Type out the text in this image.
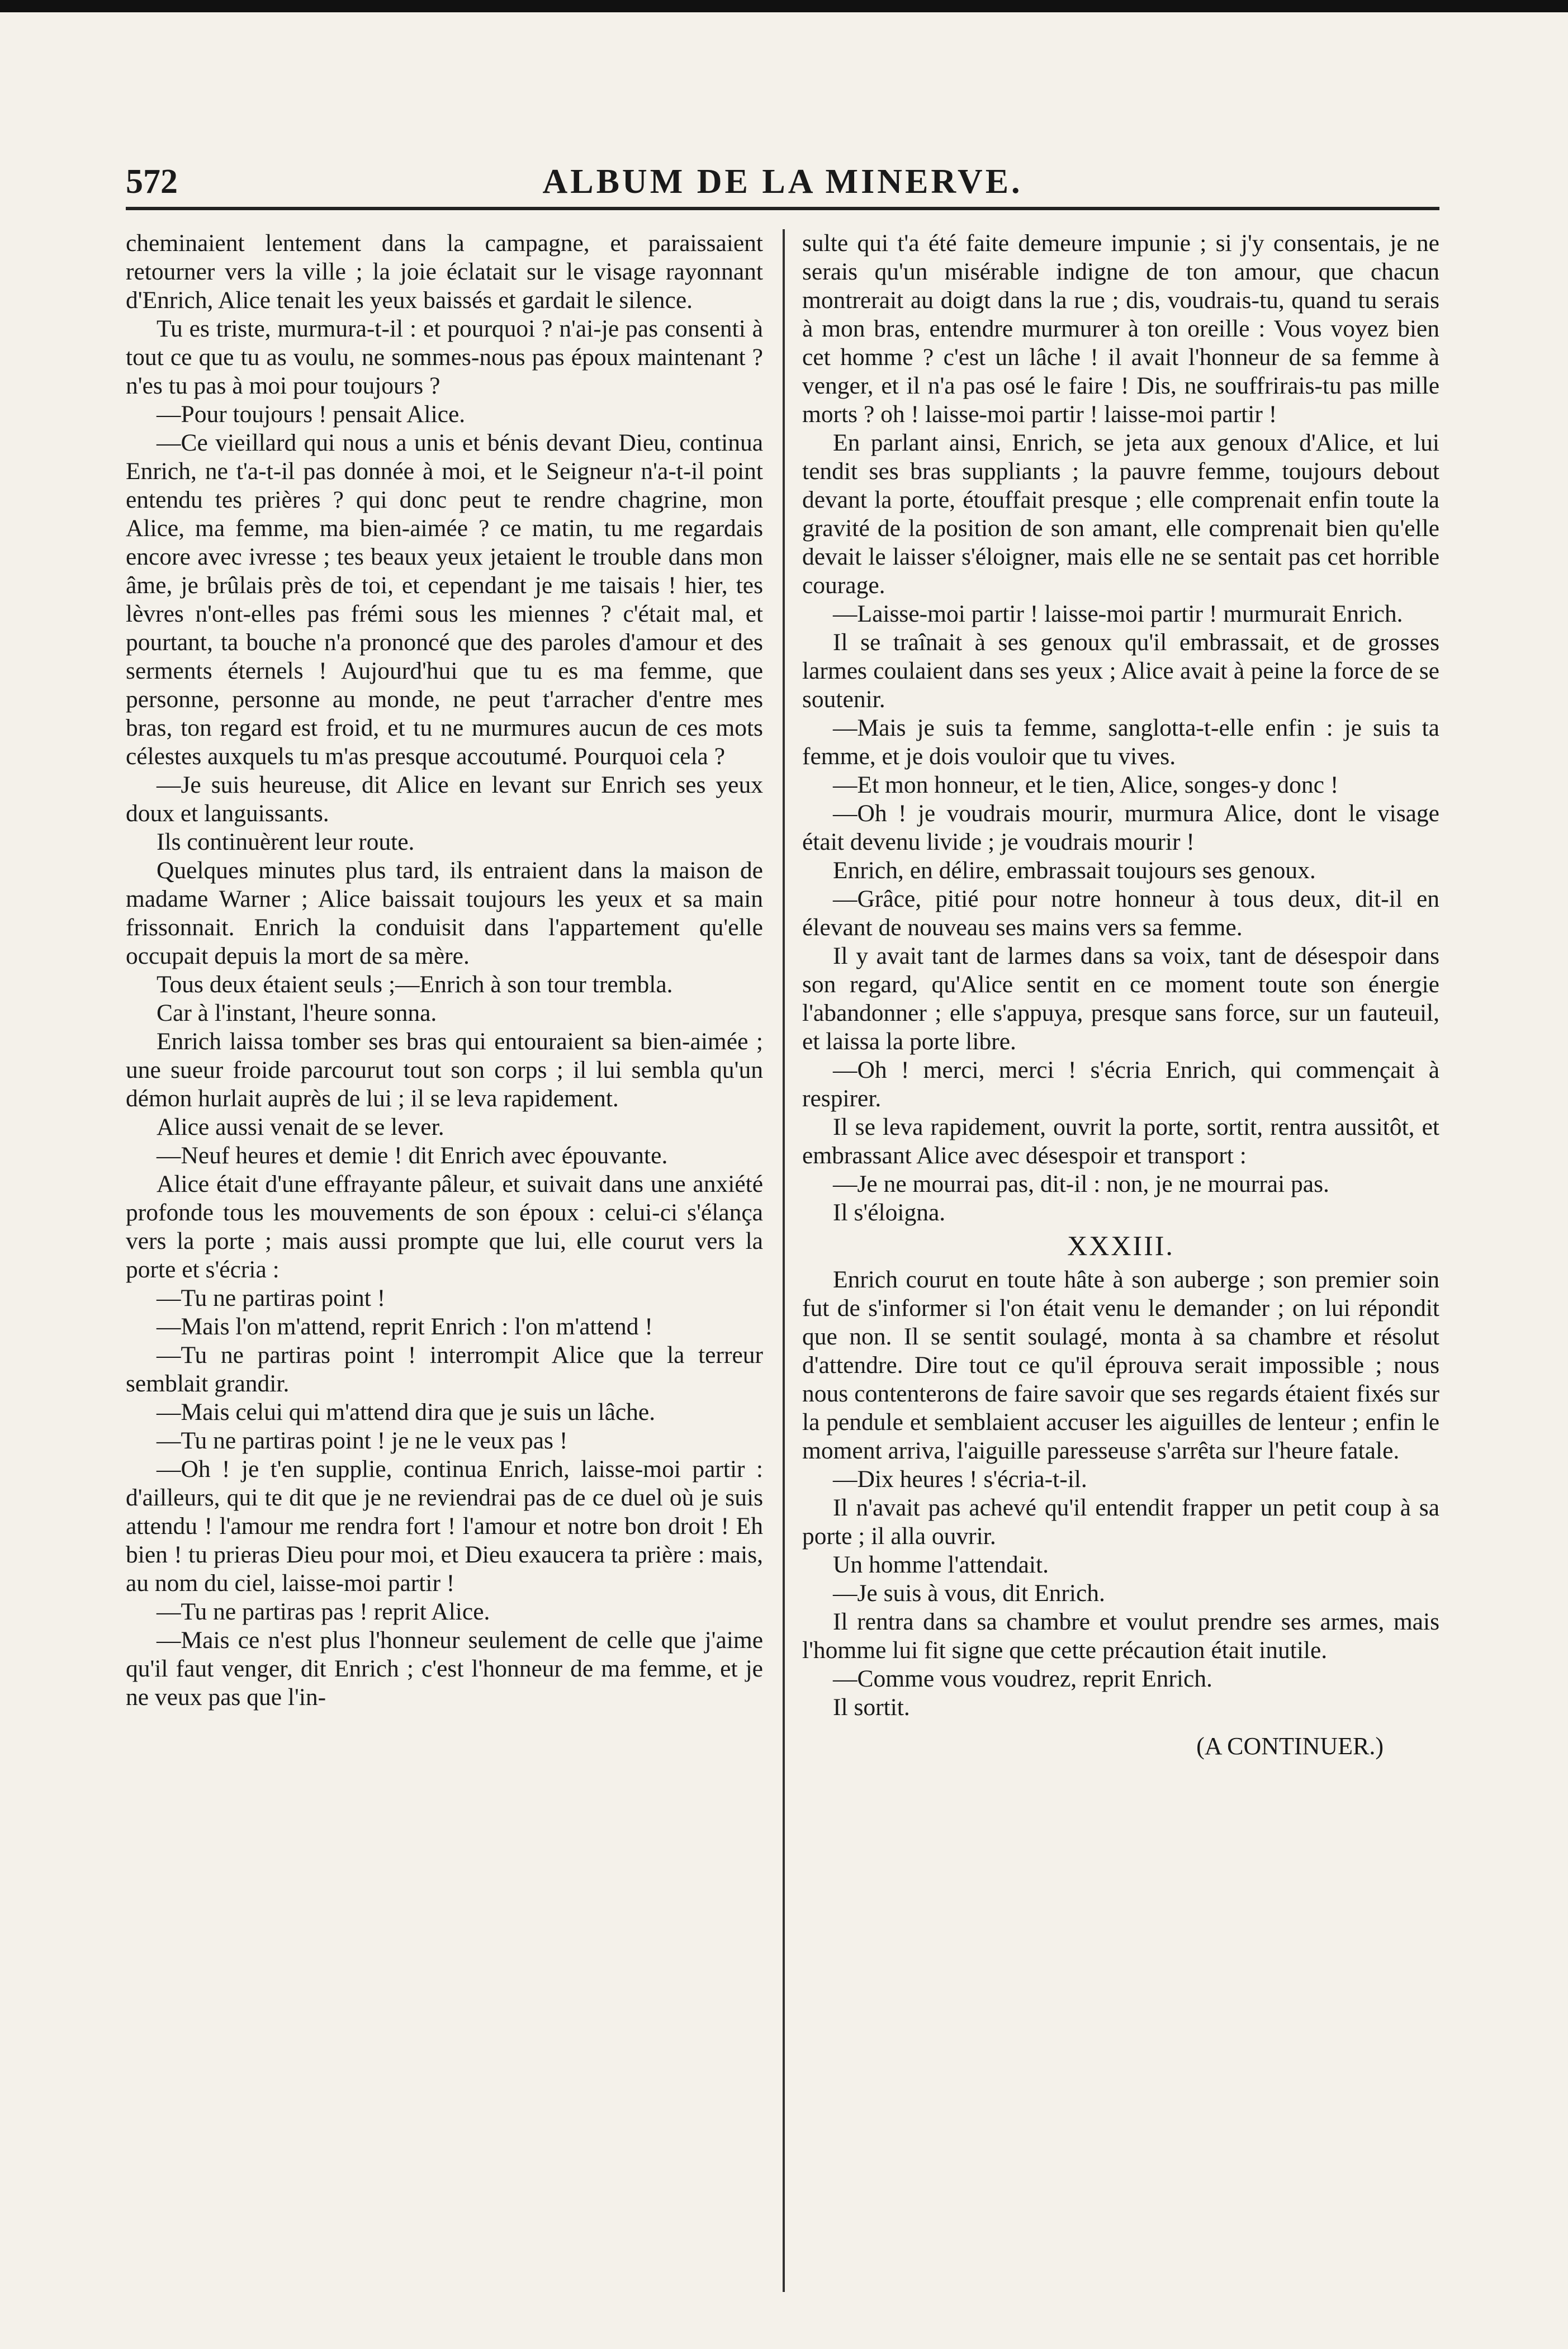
572	ALBUM DE LA MINERVE.

cheminaient lentement dans la campagne, et paraissaient retourner vers la ville ; la joie éclatait sur le visage rayonnant d'Enrich, Alice tenait les yeux baissés et gardait le silence.

Tu es triste, murmura-t-il : et pourquoi ? n'ai-je pas consenti à tout ce que tu as voulu, ne sommes-nous pas époux maintenant ? n'es tu pas à moi pour toujours ?

—Pour toujours ! pensait Alice.

—Ce vieillard qui nous a unis et bénis devant Dieu, continua Enrich, ne t'a-t-il pas donnée à moi, et le Seigneur n'a-t-il point entendu tes prières ? qui donc peut te rendre chagrine, mon Alice, ma femme, ma bien-aimée ? ce matin, tu me regardais encore avec ivresse ; tes beaux yeux jetaient le trouble dans mon âme, je brûlais près de toi, et cependant je me taisais ! hier, tes lèvres n'ont-elles pas frémi sous les miennes ? c'était mal, et pourtant, ta bouche n'a prononcé que des paroles d'amour et des serments éternels ! Aujourd'hui que tu es ma femme, que personne, personne au monde, ne peut t'arracher d'entre mes bras, ton regard est froid, et tu ne murmures aucun de ces mots célestes auxquels tu m'as presque accoutumé. Pourquoi cela ?

—Je suis heureuse, dit Alice en levant sur Enrich ses yeux doux et languissants.

Ils continuèrent leur route.

Quelques minutes plus tard, ils entraient dans la maison de madame Warner ; Alice baissait toujours les yeux et sa main frissonnait. Enrich la conduisit dans l'appartement qu'elle occupait depuis la mort de sa mère.

Tous deux étaient seuls ;—Enrich à son tour trembla.

Car à l'instant, l'heure sonna.

Enrich laissa tomber ses bras qui entouraient sa bien-aimée ; une sueur froide parcourut tout son corps ; il lui sembla qu'un démon hurlait auprès de lui ; il se leva rapidement.

Alice aussi venait de se lever.

—Neuf heures et demie ! dit Enrich avec épouvante.

Alice était d'une effrayante pâleur, et suivait dans une anxiété profonde tous les mouvements de son époux : celui-ci s'élança vers la porte ; mais aussi prompte que lui, elle courut vers la porte et s'écria :

—Tu ne partiras point !

—Mais l'on m'attend, reprit Enrich : l'on m'attend !

—Tu ne partiras point ! interrompit Alice que la terreur semblait grandir.

—Mais celui qui m'attend dira que je suis un lâche.

—Tu ne partiras point ! je ne le veux pas !

—Oh ! je t'en supplie, continua Enrich, laisse-moi partir : d'ailleurs, qui te dit que je ne reviendrai pas de ce duel où je suis attendu ! l'amour me rendra fort ! l'amour et notre bon droit ! Eh bien ! tu prieras Dieu pour moi, et Dieu exaucera ta prière : mais, au nom du ciel, laisse-moi partir !

—Tu ne partiras pas ! reprit Alice.

—Mais ce n'est plus l'honneur seulement de celle que j'aime qu'il faut venger, dit Enrich ; c'est l'honneur de ma femme, et je ne veux pas que l'in-

sulte qui t'a été faite demeure impunie ; si j'y consentais, je ne serais qu'un misérable indigne de ton amour, que chacun montrerait au doigt dans la rue ; dis, voudrais-tu, quand tu serais à mon bras, entendre murmurer à ton oreille : Vous voyez bien cet homme ? c'est un lâche ! il avait l'honneur de sa femme à venger, et il n'a pas osé le faire ! Dis, ne souffrirais-tu pas mille morts ? oh ! laisse-moi partir ! laisse-moi partir !

En parlant ainsi, Enrich, se jeta aux genoux d'Alice, et lui tendit ses bras suppliants ; la pauvre femme, toujours debout devant la porte, étouffait presque ; elle comprenait enfin toute la gravité de la position de son amant, elle comprenait bien qu'elle devait le laisser s'éloigner, mais elle ne se sentait pas cet horrible courage.

—Laisse-moi partir ! laisse-moi partir ! murmurait Enrich.

Il se traînait à ses genoux qu'il embrassait, et de grosses larmes coulaient dans ses yeux ; Alice avait à peine la force de se soutenir.

—Mais je suis ta femme, sanglotta-t-elle enfin : je suis ta femme, et je dois vouloir que tu vives.

—Et mon honneur, et le tien, Alice, songes-y donc !

—Oh ! je voudrais mourir, murmura Alice, dont le visage était devenu livide ; je voudrais mourir !

Enrich, en délire, embrassait toujours ses genoux.

—Grâce, pitié pour notre honneur à tous deux, dit-il en élevant de nouveau ses mains vers sa femme.

Il y avait tant de larmes dans sa voix, tant de désespoir dans son regard, qu'Alice sentit en ce moment toute son énergie l'abandonner ; elle s'appuya, presque sans force, sur un fauteuil, et laissa la porte libre.

—Oh ! merci, merci ! s'écria Enrich, qui commençait à respirer.

Il se leva rapidement, ouvrit la porte, sortit, rentra aussitôt, et embrassant Alice avec désespoir et transport :

—Je ne mourrai pas, dit-il : non, je ne mourrai pas.

Il s'éloigna.

XXXIII.

Enrich courut en toute hâte à son auberge ; son premier soin fut de s'informer si l'on était venu le demander ; on lui répondit que non. Il se sentit soulagé, monta à sa chambre et résolut d'attendre. Dire tout ce qu'il éprouva serait impossible ; nous nous contenterons de faire savoir que ses regards étaient fixés sur la pendule et semblaient accuser les aiguilles de lenteur ; enfin le moment arriva, l'aiguille paresseuse s'arrêta sur l'heure fatale.

—Dix heures ! s'écria-t-il.

Il n'avait pas achevé qu'il entendit frapper un petit coup à sa porte ; il alla ouvrir.

Un homme l'attendait.

—Je suis à vous, dit Enrich.

Il rentra dans sa chambre et voulut prendre ses armes, mais l'homme lui fit signe que cette précaution était inutile.

—Comme vous voudrez, reprit Enrich.

Il sortit.

(A CONTINUER.)
